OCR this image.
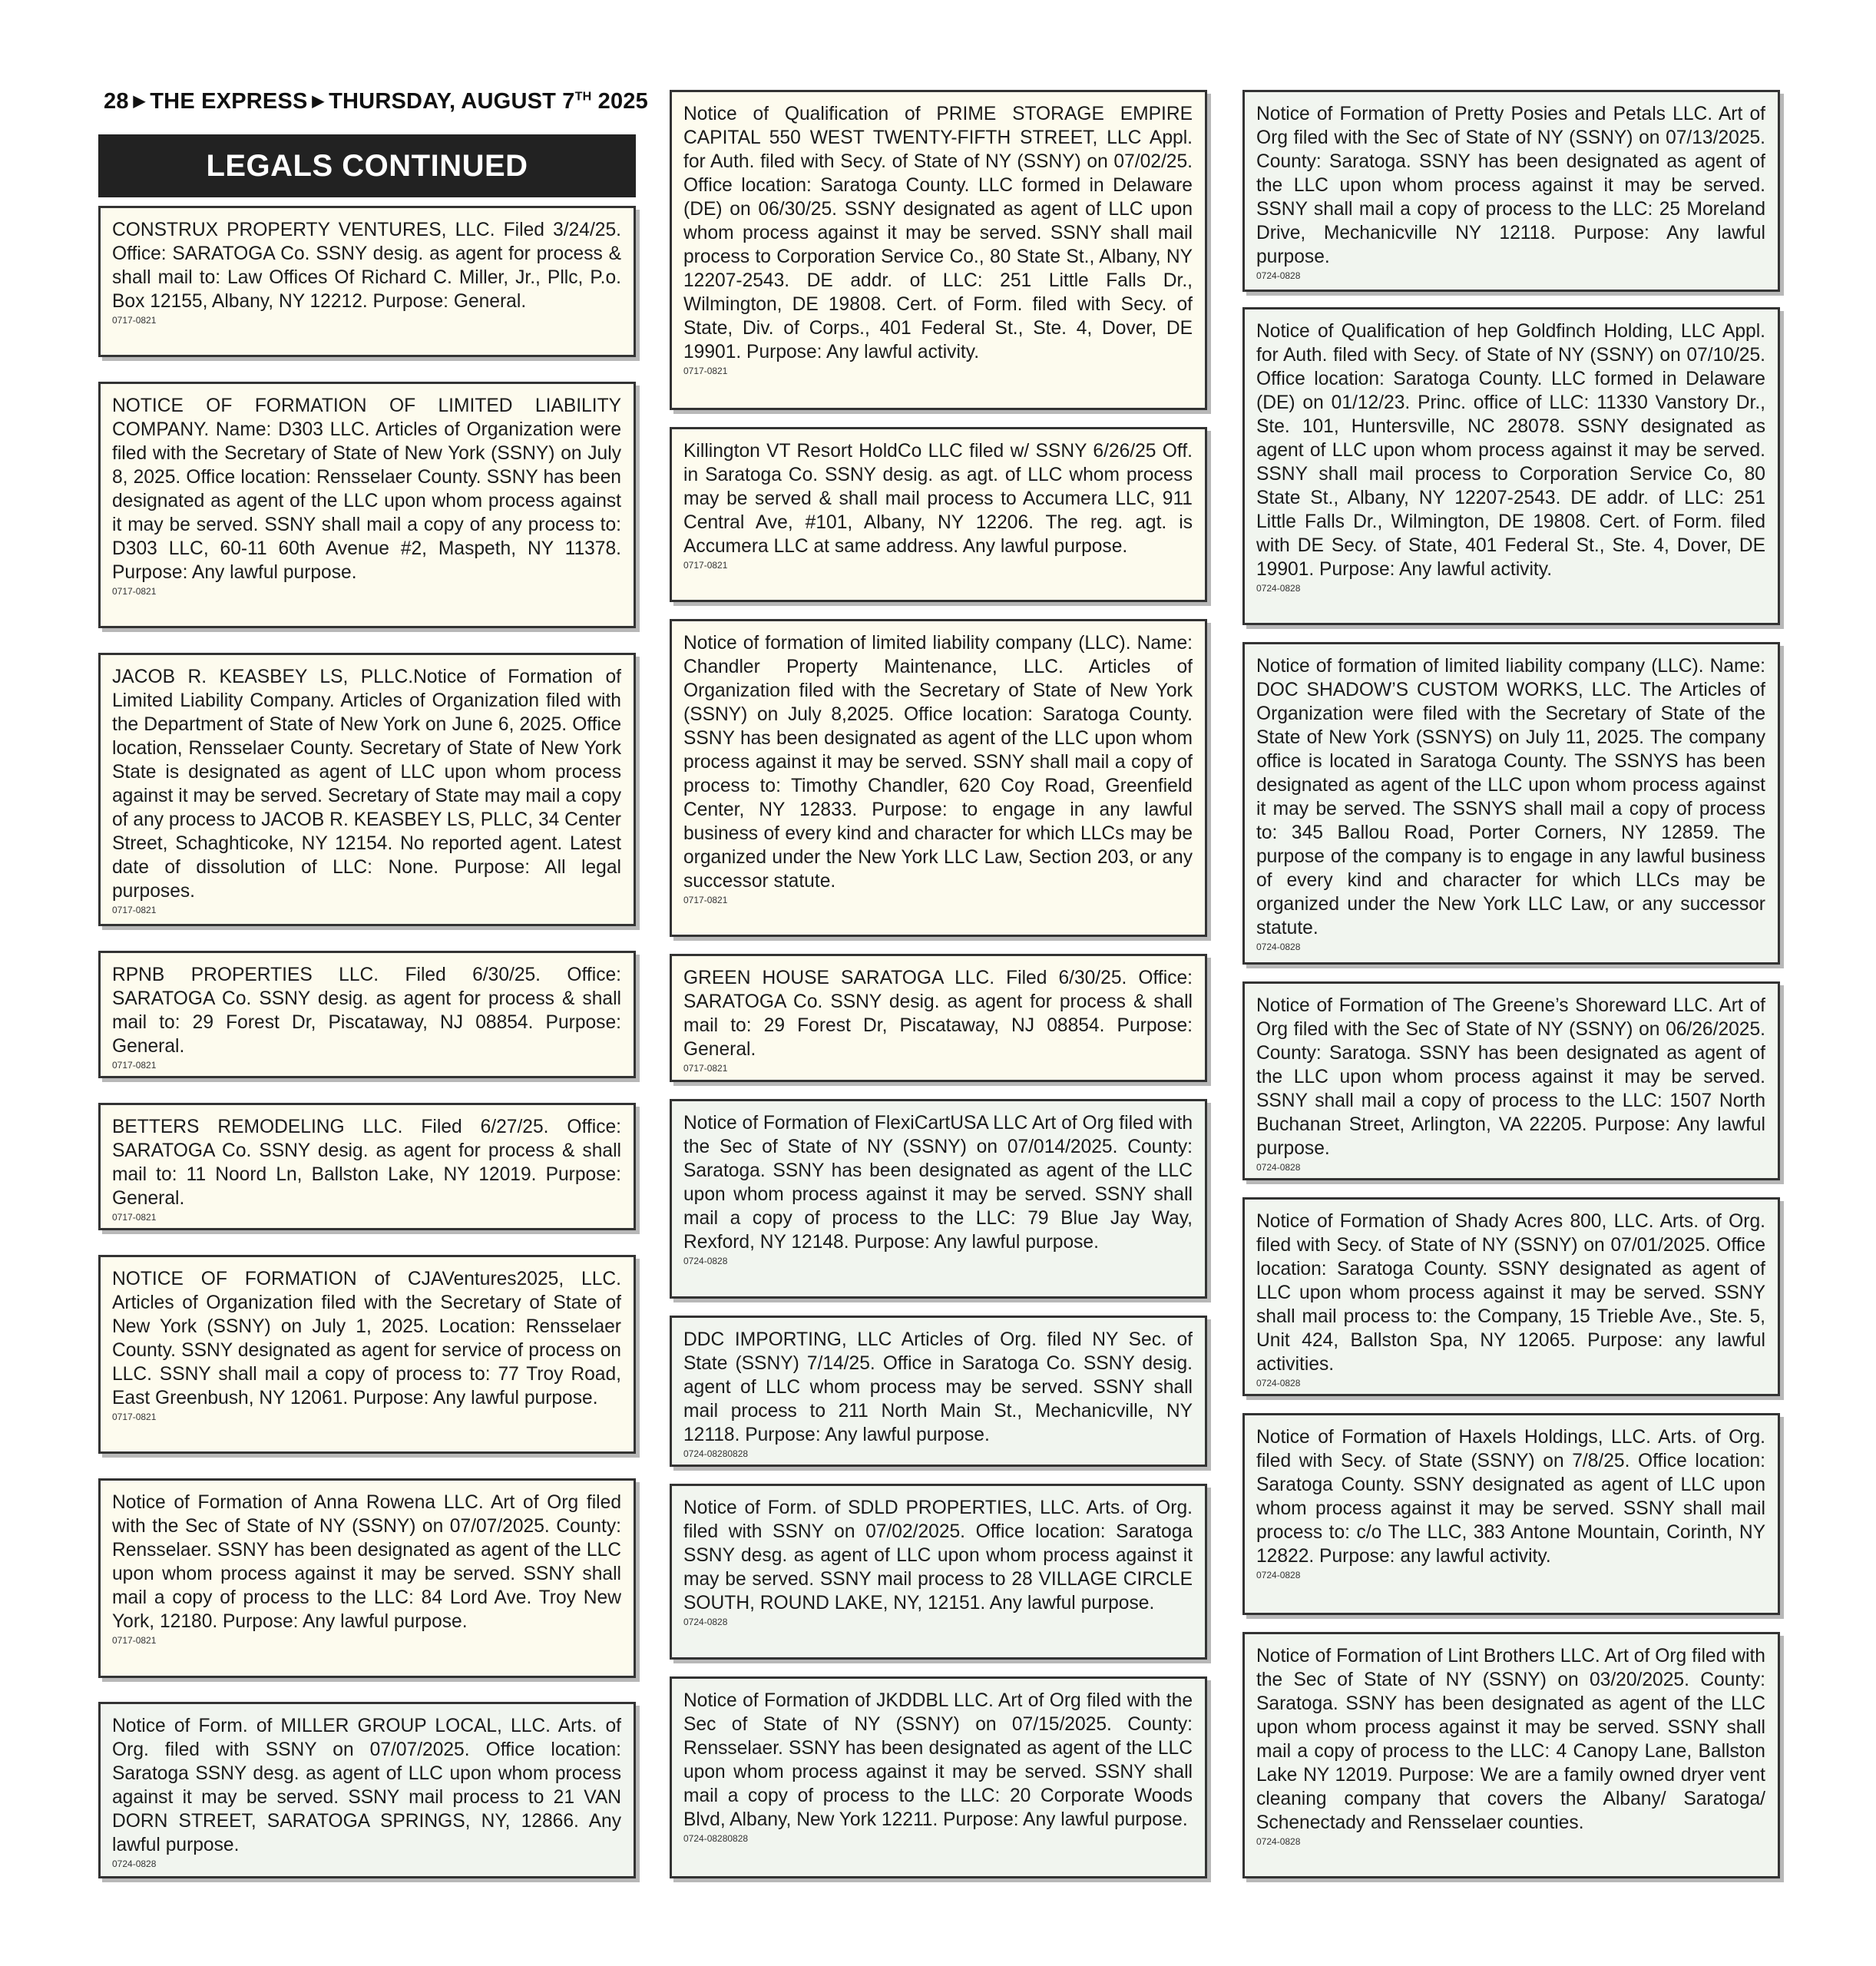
28 ▶ THE EXPRESS ▶ THURSDAY, AUGUST 7TH 2025
LEGALS CONTINUED
CONSTRUX PROPERTY VENTURES, LLC. Filed 3/24/25. Office: SARATOGA Co. SSNY desig. as agent for process & shall mail to: Law Offices Of Richard C. Miller, Jr., Pllc, P.o. Box 12155, Albany, NY 12212. Purpose: General.
0717-0821
NOTICE OF FORMATION OF LIMITED LIABILITY COMPANY. Name: D303 LLC. Articles of Organization were filed with the Secretary of State of New York (SSNY) on July 8, 2025. Office location: Rensselaer County. SSNY has been designated as agent of the LLC upon whom process against it may be served. SSNY shall mail a copy of any process to: D303 LLC, 60-11 60th Avenue #2, Maspeth, NY 11378. Purpose: Any lawful purpose.
0717-0821
JACOB R. KEASBEY LS, PLLC.Notice of Formation of Limited Liability Company. Articles of Organization filed with the Department of State of New York on June 6, 2025. Office location, Rensselaer County. Secretary of State of New York State is designated as agent of LLC upon whom process against it may be served. Secretary of State may mail a copy of any process to JACOB R. KEASBEY LS, PLLC, 34 Center Street, Schaghticoke, NY 12154. No reported agent. Latest date of dissolution of LLC: None. Purpose: All legal purposes.
0717-0821
RPNB PROPERTIES LLC. Filed 6/30/25. Office: SARATOGA Co. SSNY desig. as agent for process & shall mail to: 29 Forest Dr, Piscataway, NJ 08854. Purpose: General.
0717-0821
BETTERS REMODELING LLC. Filed 6/27/25. Office: SARATOGA Co. SSNY desig. as agent for process & shall mail to: 11 Noord Ln, Ballston Lake, NY 12019. Purpose: General.
0717-0821
NOTICE OF FORMATION of CJAVentures2025, LLC. Articles of Organization filed with the Secretary of State of New York (SSNY) on July 1, 2025. Location: Rensselaer County. SSNY designated as agent for service of process on LLC. SSNY shall mail a copy of process to: 77 Troy Road, East Greenbush, NY 12061. Purpose: Any lawful purpose.
0717-0821
Notice of Formation of Anna Rowena LLC. Art of Org filed with the Sec of State of NY (SSNY) on 07/07/2025. County: Rensselaer. SSNY has been designated as agent of the LLC upon whom process against it may be served. SSNY shall mail a copy of process to the LLC: 84 Lord Ave. Troy New York, 12180. Purpose: Any lawful purpose.
0717-0821
Notice of Form. of MILLER GROUP LOCAL, LLC. Arts. of Org. filed with SSNY on 07/07/2025. Office location: Saratoga SSNY desg. as agent of LLC upon whom process against it may be served. SSNY mail process to 21 VAN DORN STREET, SARATOGA SPRINGS, NY, 12866. Any lawful purpose.
0724-0828
Notice of Qualification of PRIME STORAGE EMPIRE CAPITAL 550 WEST TWENTY-FIFTH STREET, LLC Appl. for Auth. filed with Secy. of State of NY (SSNY) on 07/02/25. Office location: Saratoga County. LLC formed in Delaware (DE) on 06/30/25. SSNY designated as agent of LLC upon whom process against it may be served. SSNY shall mail process to Corporation Service Co., 80 State St., Albany, NY 12207-2543. DE addr. of LLC: 251 Little Falls Dr., Wilmington, DE 19808. Cert. of Form. filed with Secy. of State, Div. of Corps., 401 Federal St., Ste. 4, Dover, DE 19901. Purpose: Any lawful activity.
0717-0821
Killington VT Resort HoldCo LLC filed w/ SSNY 6/26/25 Off. in Saratoga Co. SSNY desig. as agt. of LLC whom process may be served & shall mail process to Accumera LLC, 911 Central Ave, #101, Albany, NY 12206. The reg. agt. is Accumera LLC at same address. Any lawful purpose.
0717-0821
Notice of formation of limited liability company (LLC). Name: Chandler Property Maintenance, LLC. Articles of Organization filed with the Secretary of State of New York (SSNY) on July 8,2025. Office location: Saratoga County. SSNY has been designated as agent of the LLC upon whom process against it may be served. SSNY shall mail a copy of process to: Timothy Chandler, 620 Coy Road, Greenfield Center, NY 12833. Purpose: to engage in any lawful business of every kind and character for which LLCs may be organized under the New York LLC Law, Section 203, or any successor statute.
0717-0821
GREEN HOUSE SARATOGA LLC. Filed 6/30/25. Office: SARATOGA Co. SSNY desig. as agent for process & shall mail to: 29 Forest Dr, Piscataway, NJ 08854. Purpose: General.
0717-0821
Notice of Formation of FlexiCartUSA LLC Art of Org filed with the Sec of State of NY (SSNY) on 07/014/2025. County: Saratoga. SSNY has been designated as agent of the LLC upon whom process against it may be served. SSNY shall mail a copy of process to the LLC: 79 Blue Jay Way, Rexford, NY 12148. Purpose: Any lawful purpose.
0724-0828
DDC IMPORTING, LLC Articles of Org. filed NY Sec. of State (SSNY) 7/14/25. Office in Saratoga Co. SSNY desig. agent of LLC whom process may be served. SSNY shall mail process to 211 North Main St., Mechanicville, NY 12118. Purpose: Any lawful purpose.
0724-08280828
Notice of Form. of SDLD PROPERTIES, LLC. Arts. of Org. filed with SSNY on 07/02/2025. Office location: Saratoga SSNY desg. as agent of LLC upon whom process against it may be served. SSNY mail process to 28 VILLAGE CIRCLE SOUTH, ROUND LAKE, NY, 12151. Any lawful purpose.
0724-0828
Notice of Formation of JKDDBL LLC. Art of Org filed with the Sec of State of NY (SSNY) on 07/15/2025. County: Rensselaer. SSNY has been designated as agent of the LLC upon whom process against it may be served. SSNY shall mail a copy of process to the LLC: 20 Corporate Woods Blvd, Albany, New York 12211. Purpose: Any lawful purpose.
0724-08280828
Notice of Formation of Pretty Posies and Petals LLC. Art of Org filed with the Sec of State of NY (SSNY) on 07/13/2025. County: Saratoga. SSNY has been designated as agent of the LLC upon whom process against it may be served. SSNY shall mail a copy of process to the LLC: 25 Moreland Drive, Mechanicville NY 12118. Purpose: Any lawful purpose.
0724-0828
Notice of Qualification of hep Goldfinch Holding, LLC Appl. for Auth. filed with Secy. of State of NY (SSNY) on 07/10/25. Office location: Saratoga County. LLC formed in Delaware (DE) on 01/12/23. Princ. office of LLC: 11330 Vanstory Dr., Ste. 101, Huntersville, NC 28078. SSNY designated as agent of LLC upon whom process against it may be served. SSNY shall mail process to Corporation Service Co, 80 State St., Albany, NY 12207-2543. DE addr. of LLC: 251 Little Falls Dr., Wilmington, DE 19808. Cert. of Form. filed with DE Secy. of State, 401 Federal St., Ste. 4, Dover, DE 19901. Purpose: Any lawful activity.
0724-0828
Notice of formation of limited liability company (LLC). Name: DOC SHADOW’S CUSTOM WORKS, LLC. The Articles of Organization were filed with the Secretary of State of the State of New York (SSNYS) on July 11, 2025. The company office is located in Saratoga County. The SSNYS has been designated as agent of the LLC upon whom process against it may be served. The SSNYS shall mail a copy of process to: 345 Ballou Road, Porter Corners, NY 12859. The purpose of the company is to engage in any lawful business of every kind and character for which LLCs may be organized under the New York LLC Law, or any successor statute.
0724-0828
Notice of Formation of The Greene’s Shoreward LLC. Art of Org filed with the Sec of State of NY (SSNY) on 06/26/2025. County: Saratoga. SSNY has been designated as agent of the LLC upon whom process against it may be served. SSNY shall mail a copy of process to the LLC: 1507 North Buchanan Street, Arlington, VA 22205. Purpose: Any lawful purpose.
0724-0828
Notice of Formation of Shady Acres 800, LLC. Arts. of Org. filed with Secy. of State of NY (SSNY) on 07/01/2025. Office location: Saratoga County. SSNY designated as agent of LLC upon whom process against it may be served. SSNY shall mail process to: the Company, 15 Trieble Ave., Ste. 5, Unit 424, Ballston Spa, NY 12065. Purpose: any lawful activities.
0724-0828
Notice of Formation of Haxels Holdings, LLC. Arts. of Org. filed with Secy. of State (SSNY) on 7/8/25. Office location: Saratoga County. SSNY designated as agent of LLC upon whom process against it may be served. SSNY shall mail process to: c/o The LLC, 383 Antone Mountain, Corinth, NY 12822. Purpose: any lawful activity.
0724-0828
Notice of Formation of Lint Brothers LLC. Art of Org filed with the Sec of State of NY (SSNY) on 03/20/2025. County: Saratoga. SSNY has been designated as agent of the LLC upon whom process against it may be served. SSNY shall mail a copy of process to the LLC: 4 Canopy Lane, Ballston Lake NY 12019. Purpose: We are a family owned dryer vent cleaning company that covers the Albany/ Saratoga/ Schenectady and Rensselaer counties.
0724-0828
